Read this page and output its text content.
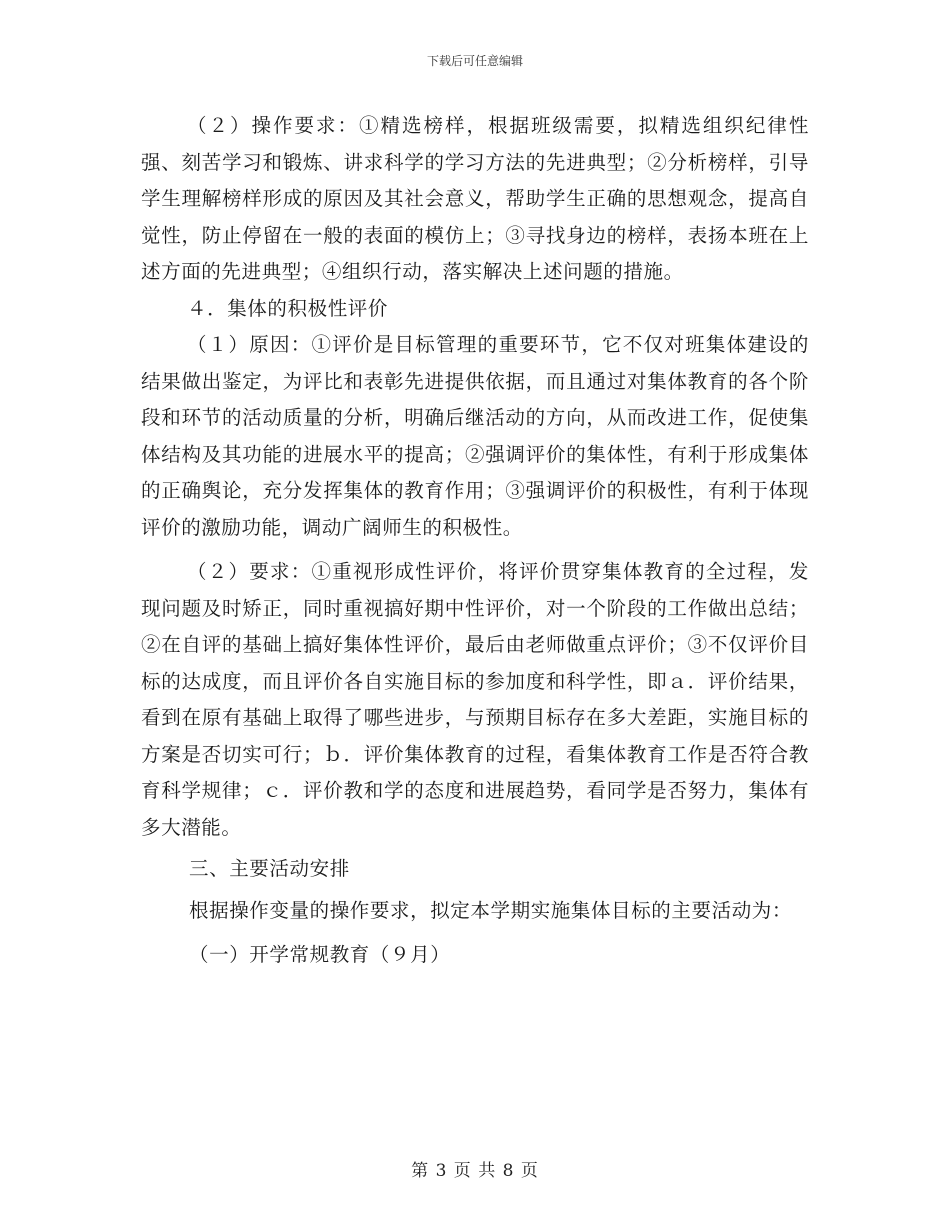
下载后可任意编辑

（２）操作要求：①精选榜样，根据班级需要，拟精选组织纪律性强、刻苦学习和锻炼、讲求科学的学习方法的先进典型；②分析榜样，引导学生理解榜样形成的原因及其社会意义，帮助学生正确的思想观念，提高自觉性，防止停留在一般的表面的模仿上；③寻找身边的榜样，表扬本班在上述方面的先进典型；④组织行动，落实解决上述问题的措施。

４．集体的积极性评价

（１）原因：①评价是目标管理的重要环节，它不仅对班集体建设的结果做出鉴定，为评比和表彰先进提供依据，而且通过对集体教育的各个阶段和环节的活动质量的分析，明确后继活动的方向，从而改进工作，促使集体结构及其功能的进展水平的提高；②强调评价的集体性，有利于形成集体的正确舆论，充分发挥集体的教育作用；③强调评价的积极性，有利于体现评价的激励功能，调动广阔师生的积极性。

（２）要求：①重视形成性评价，将评价贯穿集体教育的全过程，发现问题及时矫正，同时重视搞好期中性评价，对一个阶段的工作做出总结；②在自评的基础上搞好集体性评价，最后由老师做重点评价；③不仅评价目标的达成度，而且评价各自实施目标的参加度和科学性，即ａ．评价结果，看到在原有基础上取得了哪些进步，与预期目标存在多大差距，实施目标的方案是否切实可行；ｂ．评价集体教育的过程，看集体教育工作是否符合教育科学规律；ｃ．评价教和学的态度和进展趋势，看同学是否努力，集体有多大潜能。

三、主要活动安排

根据操作变量的操作要求，拟定本学期实施集体目标的主要活动为：

（一）开学常规教育（９月）

第 3 页 共 8 页
